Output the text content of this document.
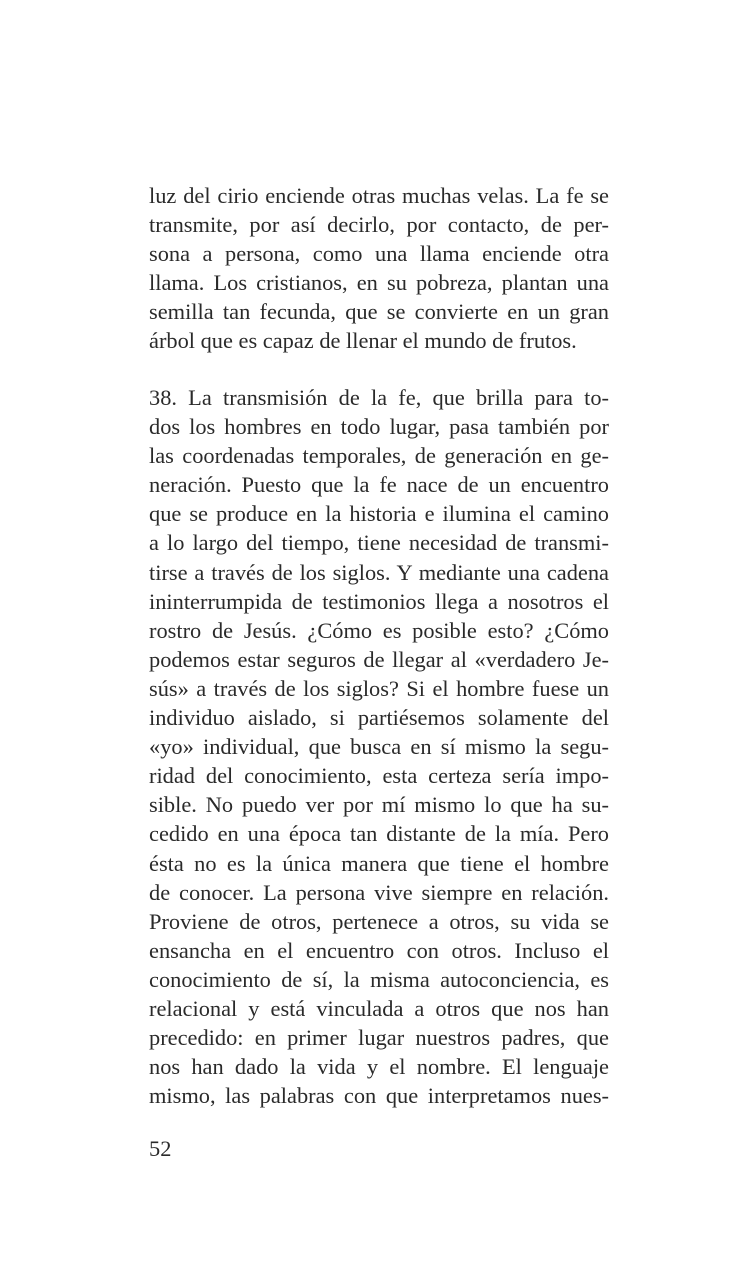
luz del cirio enciende otras muchas velas. La fe se
transmite, por así decirlo, por contacto, de per-
sona a persona, como una llama enciende otra
llama. Los cristianos, en su pobreza, plantan una
semilla tan fecunda, que se convierte en un gran
árbol que es capaz de llenar el mundo de frutos.
38. La transmisión de la fe, que brilla para to-
dos los hombres en todo lugar, pasa también por
las coordenadas temporales, de generación en ge-
neración. Puesto que la fe nace de un encuentro
que se produce en la historia e ilumina el camino
a lo largo del tiempo, tiene necesidad de transmi-
tirse a través de los siglos. Y mediante una cadena
ininterrumpida de testimonios llega a nosotros el
rostro de Jesús. ¿Cómo es posible esto? ¿Cómo
podemos estar seguros de llegar al «verdadero Je-
sús» a través de los siglos? Si el hombre fuese un
individuo aislado, si partiésemos solamente del
«yo» individual, que busca en sí mismo la segu-
ridad del conocimiento, esta certeza sería impo-
sible. No puedo ver por mí mismo lo que ha su-
cedido en una época tan distante de la mía. Pero
ésta no es la única manera que tiene el hombre
de conocer. La persona vive siempre en relación.
Proviene de otros, pertenece a otros, su vida se
ensancha en el encuentro con otros. Incluso el
conocimiento de sí, la misma autoconciencia, es
relacional y está vinculada a otros que nos han
precedido: en primer lugar nuestros padres, que
nos han dado la vida y el nombre. El lenguaje
mismo, las palabras con que interpretamos nues-
52
